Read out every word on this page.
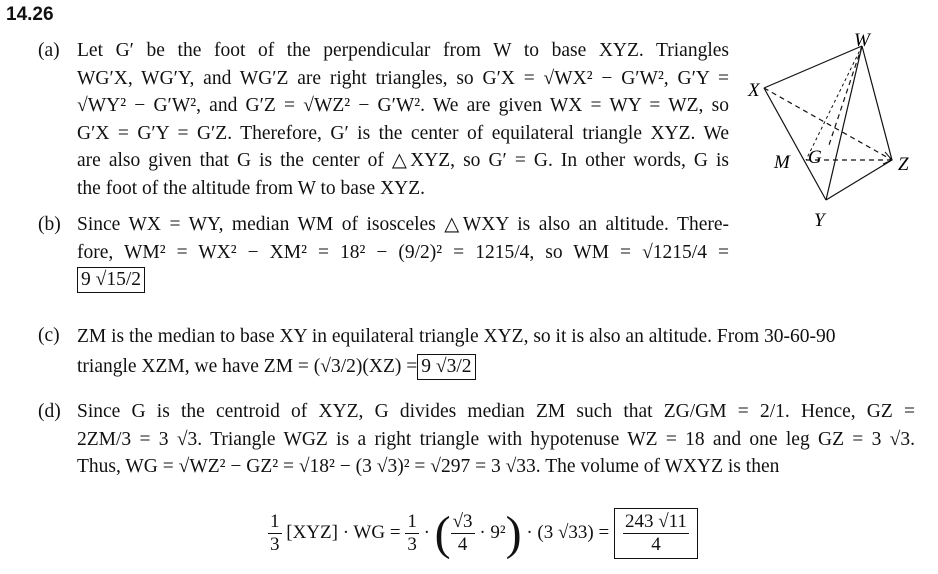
14.26
W
X
Z
M G
Y
(a) Let G′ be the foot of the perpendicular from W to base XYZ. Triangles
WG′X, WG′Y, and WG′Z are right triangles, so G′X = √WX² − G′W², G′Y =
√WY² − G′W², and G′Z = √WZ² − G′W². We are given WX = WY = WZ, so
G′X = G′Y = G′Z. Therefore, G′ is the center of equilateral triangle XYZ. We
are also given that G is the center of △XYZ, so G′ = G. In other words, G is
the foot of the altitude from W to base XYZ.
(b) Since WX = WY, median WM of isosceles △WXY is also an altitude. There-
fore, WM² = WX² − XM² = 18² − (9/2)² = 1215/4, so WM = √1215/4 =
9 √15/2
(c) ZM is the median to base XY in equilateral triangle XYZ, so it is also an altitude. From 30-60-90
triangle XZM, we have ZM = (√3/2)(XZ) = 9 √3/2
(d) Since G is the centroid of XYZ, G divides median ZM such that ZG/GM = 2/1. Hence, GZ =
2ZM/3 = 3 √3. Triangle WGZ is a right triangle with hypotenuse WZ = 18 and one leg GZ = 3 √3.
Thus, WG = √WZ² − GZ² = √18² − (3 √3)² = √297 = 3 √33. The volume of WXYZ is then
$\frac{1}{3} [XYZ]$ · WG = $\frac{1}{3}$ · ( $\frac{√3}{4} \cdot 9^2) \cdot (3$ $√33) = \frac{243 √11}{4}$
